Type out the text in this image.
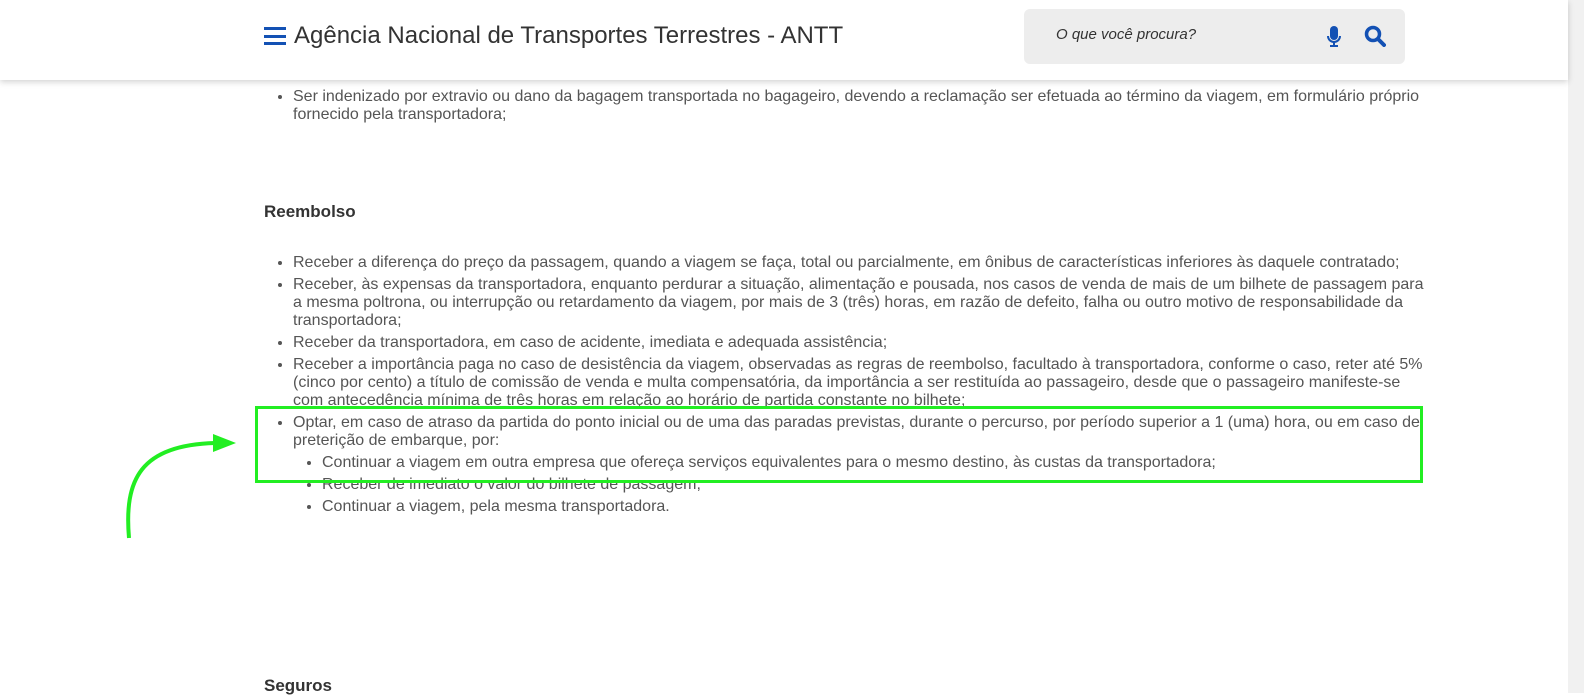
Agência Nacional de Transportes Terrestres - ANTT
O que você procura?
• Ser indenizado por extravio ou dano da bagagem transportada no bagageiro, devendo a reclamação ser efetuada ao término da viagem, em formulário próprio fornecido pela transportadora;
Reembolso
• Receber a diferença do preço da passagem, quando a viagem se faça, total ou parcialmente, em ônibus de características inferiores às daquele contratado;
• Receber, às expensas da transportadora, enquanto perdurar a situação, alimentação e pousada, nos casos de venda de mais de um bilhete de passagem para a mesma poltrona, ou interrupção ou retardamento da viagem, por mais de 3 (três) horas, em razão de defeito, falha ou outro motivo de responsabilidade da transportadora;
• Receber da transportadora, em caso de acidente, imediata e adequada assistência;
• Receber a importância paga no caso de desistência da viagem, observadas as regras de reembolso, facultado à transportadora, conforme o caso, reter até 5% (cinco por cento) a título de comissão de venda e multa compensatória, da importância a ser restituída ao passageiro, desde que o passageiro manifeste-se com antecedência mínima de três horas em relação ao horário de partida constante no bilhete;
• Optar, em caso de atraso da partida do ponto inicial ou de uma das paradas previstas, durante o percurso, por período superior a 1 (uma) hora, ou em caso de preterição de embarque, por:
• Continuar a viagem em outra empresa que ofereça serviços equivalentes para o mesmo destino, às custas da transportadora;
• Receber de imediato o valor do bilhete de passagem;
• Continuar a viagem, pela mesma transportadora.
Seguros
